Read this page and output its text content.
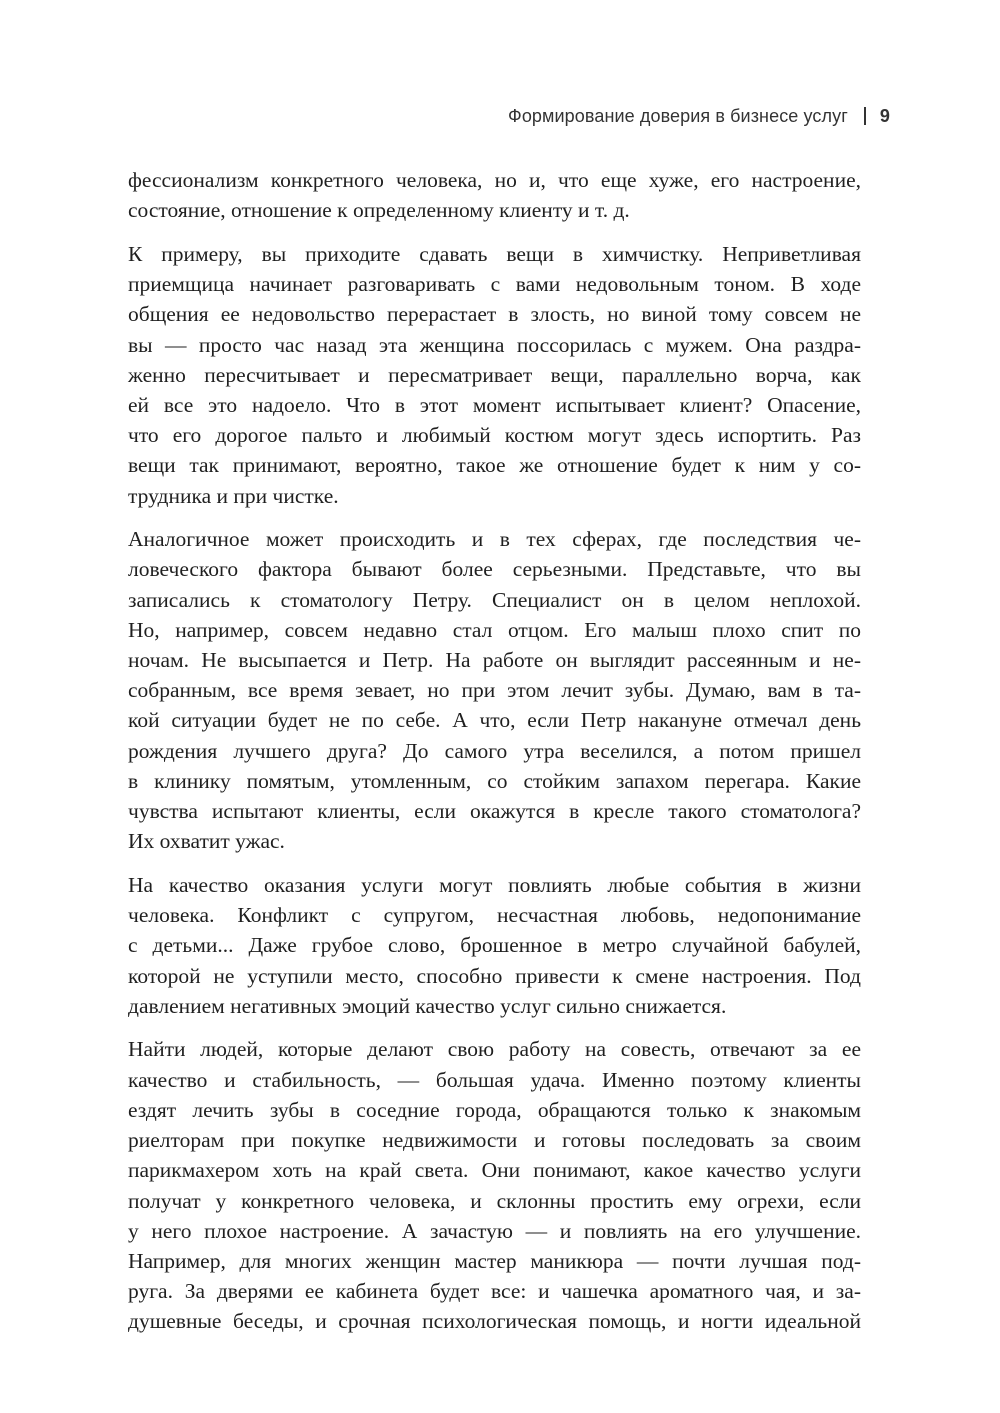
Формирование доверия в бизнесе услуг 9

фессионализм конкретного человека, но и, что еще хуже, его настроение,
состояние, отношение к определенному клиенту и т. д.

К примеру, вы приходите сдавать вещи в химчистку. Неприветливая
приемщица начинает разговаривать с вами недовольным тоном. В ходе
общения ее недовольство перерастает в злость, но виной тому совсем не
вы — просто час назад эта женщина поссорилась с мужем. Она раздра-
женно пересчитывает и пересматривает вещи, параллельно ворча, как
ей все это надоело. Что в этот момент испытывает клиент? Опасение,
что его дорогое пальто и любимый костюм могут здесь испортить. Раз
вещи так принимают, вероятно, такое же отношение будет к ним у со-
трудника и при чистке.

Аналогичное может происходить и в тех сферах, где последствия че-
ловеческого фактора бывают более серьезными. Представьте, что вы
записались к стоматологу Петру. Специалист он в целом неплохой.
Но, например, совсем недавно стал отцом. Его малыш плохо спит по
ночам. Не высыпается и Петр. На работе он выглядит рассеянным и не-
собранным, все время зевает, но при этом лечит зубы. Думаю, вам в та-
кой ситуации будет не по себе. А что, если Петр накануне отмечал день
рождения лучшего друга? До самого утра веселился, а потом пришел
в клинику помятым, утомленным, со стойким запахом перегара. Какие
чувства испытают клиенты, если окажутся в кресле такого стоматолога?
Их охватит ужас.

На качество оказания услуги могут повлиять любые события в жизни
человека. Конфликт с супругом, несчастная любовь, недопонимание
с детьми... Даже грубое слово, брошенное в метро случайной бабулей,
которой не уступили место, способно привести к смене настроения. Под
давлением негативных эмоций качество услуг сильно снижается.

Найти людей, которые делают свою работу на совесть, отвечают за ее
качество и стабильность, — большая удача. Именно поэтому клиенты
ездят лечить зубы в соседние города, обращаются только к знакомым
риелторам при покупке недвижимости и готовы последовать за своим
парикмахером хоть на край света. Они понимают, какое качество услуги
получат у конкретного человека, и склонны простить ему огрехи, если
у него плохое настроение. А зачастую — и повлиять на его улучшение.
Например, для многих женщин мастер маникюра — почти лучшая под-
руга. За дверями ее кабинета будет все: и чашечка ароматного чая, и за-
душевные беседы, и срочная психологическая помощь, и ногти идеальной
